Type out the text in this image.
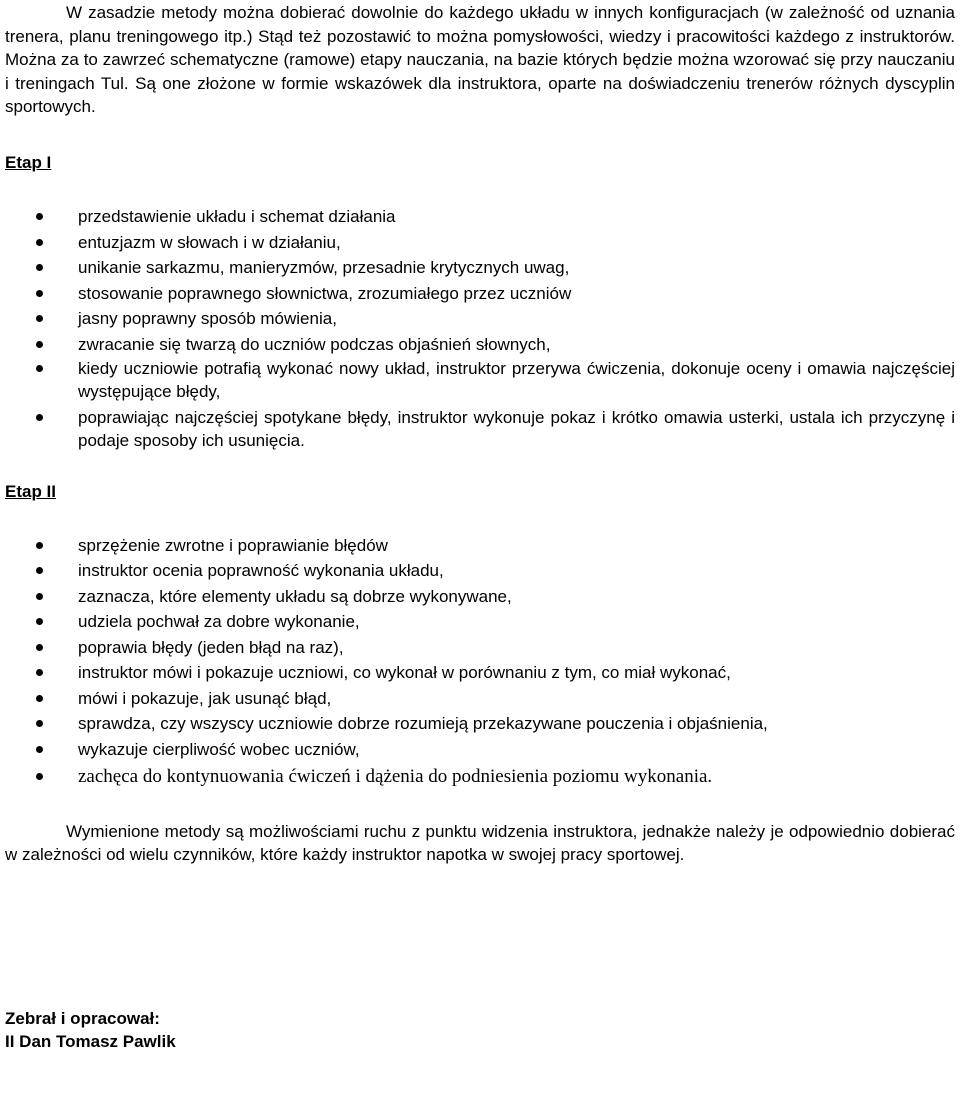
W zasadzie metody można dobierać dowolnie do każdego układu w innych konfiguracjach (w zależność od uznania trenera, planu treningowego itp.) Stąd też pozostawić to można pomysłowości, wiedzy i pracowitości każdego z instruktorów. Można za to zawrzeć schematyczne (ramowe) etapy nauczania, na bazie których będzie można wzorować się przy nauczaniu i treningach Tul. Są one złożone w formie wskazówek dla instruktora, oparte na doświadczeniu trenerów różnych dyscyplin sportowych.

Etap I

przedstawienie układu i schemat działania
entuzjazm w słowach i w działaniu,
unikanie sarkazmu, manieryzmów, przesadnie krytycznych uwag,
stosowanie poprawnego słownictwa, zrozumiałego przez uczniów
jasny poprawny sposób mówienia,
zwracanie się twarzą do uczniów podczas objaśnień słownych,
kiedy uczniowie potrafią wykonać nowy układ, instruktor przerywa ćwiczenia, dokonuje oceny i omawia najczęściej występujące błędy,
poprawiając najczęściej spotykane błędy, instruktor wykonuje pokaz i krótko omawia usterki, ustala ich przyczynę i podaje sposoby ich usunięcia.

Etap II

sprzężenie zwrotne i poprawianie błędów
instruktor ocenia poprawność wykonania układu,
zaznacza, które elementy układu są dobrze wykonywane,
udziela pochwał za dobre wykonanie,
poprawia błędy (jeden błąd na raz),
instruktor mówi i pokazuje uczniowi, co wykonał w porównaniu z tym, co miał wykonać,
mówi i pokazuje, jak usunąć błąd,
sprawdza, czy wszyscy uczniowie dobrze rozumieją przekazywane pouczenia i objaśnienia,
wykazuje cierpliwość wobec uczniów,
zachęca do kontynuowania ćwiczeń i dążenia do podniesienia poziomu wykonania.

Wymienione metody są możliwościami ruchu z punktu widzenia instruktora, jednakże należy je odpowiednio dobierać w zależności od wielu czynników, które każdy instruktor napotka w swojej pracy sportowej.

Zebrał i opracował:

II Dan Tomasz Pawlik
